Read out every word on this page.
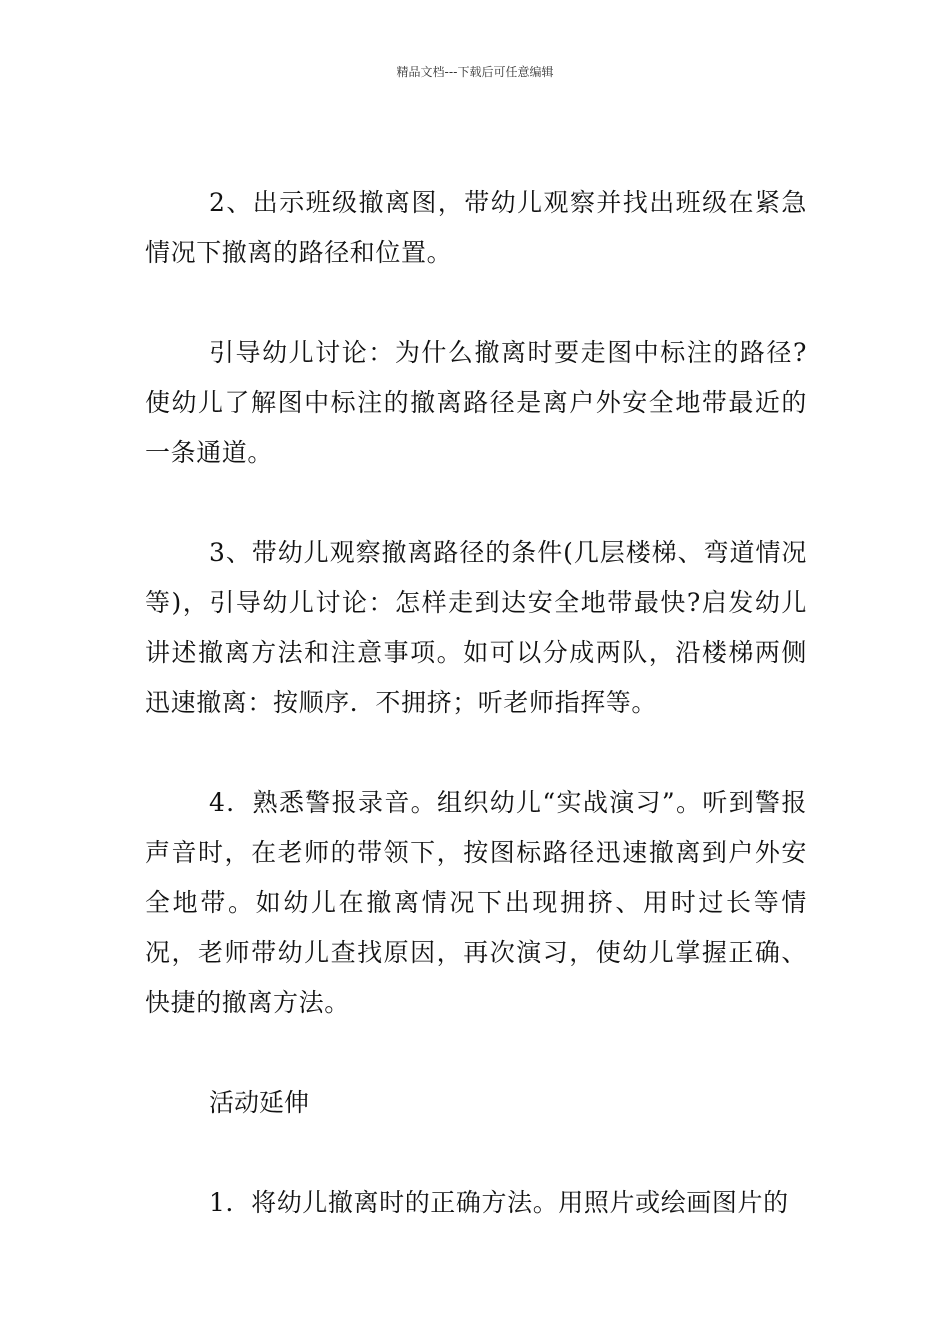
精品文档---下载后可任意编辑

2、出示班级撤离图，带幼儿观察并找出班级在紧急情况下撤离的路径和位置。

引导幼儿讨论：为什么撤离时要走图中标注的路径?使幼儿了解图中标注的撤离路径是离户外安全地带最近的一条通道。

3、带幼儿观察撤离路径的条件(几层楼梯、弯道情况等)，引导幼儿讨论：怎样走到达安全地带最快?启发幼儿讲述撤离方法和注意事项。如可以分成两队，沿楼梯两侧迅速撤离：按顺序．不拥挤；听老师指挥等。

4．熟悉警报录音。组织幼儿“实战演习”。听到警报声音时，在老师的带领下，按图标路径迅速撤离到户外安全地带。如幼儿在撤离情况下出现拥挤、用时过长等情况，老师带幼儿查找原因，再次演习，使幼儿掌握正确、快捷的撤离方法。

活动延伸

1．将幼儿撤离时的正确方法。用照片或绘画图片的
